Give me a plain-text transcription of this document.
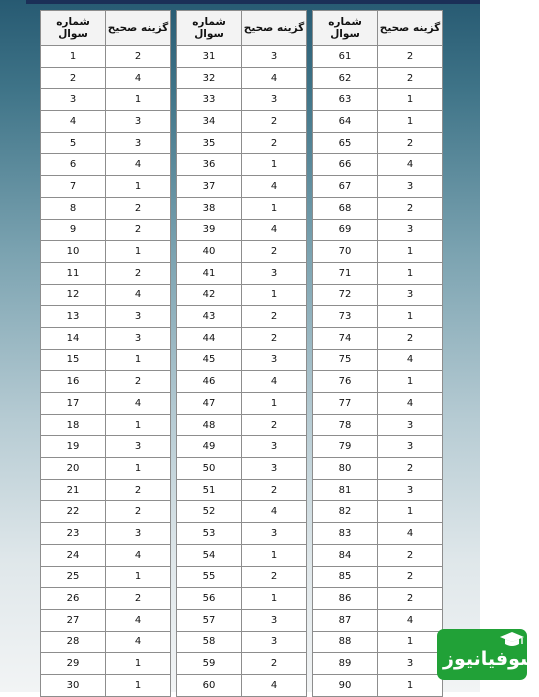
شماره سوال	گزینه صحیح
1	2
2	4
3	1
4	3
5	3
6	4
7	1
8	2
9	2
10	1
11	2
12	4
13	3
14	3
15	1
16	2
17	4
18	1
19	3
20	1
21	2
22	2
23	3
24	4
25	1
26	2
27	4
28	4
29	1
30	1
شماره سوال	گزینه صحیح
31	3
32	4
33	3
34	2
35	2
36	1
37	4
38	1
39	4
40	2
41	3
42	1
43	2
44	2
45	3
46	4
47	1
48	2
49	3
50	3
51	2
52	4
53	3
54	1
55	2
56	1
57	3
58	3
59	2
60	4
شماره سوال	گزینه صحیح
61	2
62	2
63	1
64	1
65	2
66	4
67	3
68	2
69	3
70	1
71	1
72	3
73	1
74	2
75	4
76	1
77	4
78	3
79	3
80	2
81	3
82	1
83	4
84	2
85	2
86	2
87	4
88	1
89	3
90	1
سوفیانیوز
